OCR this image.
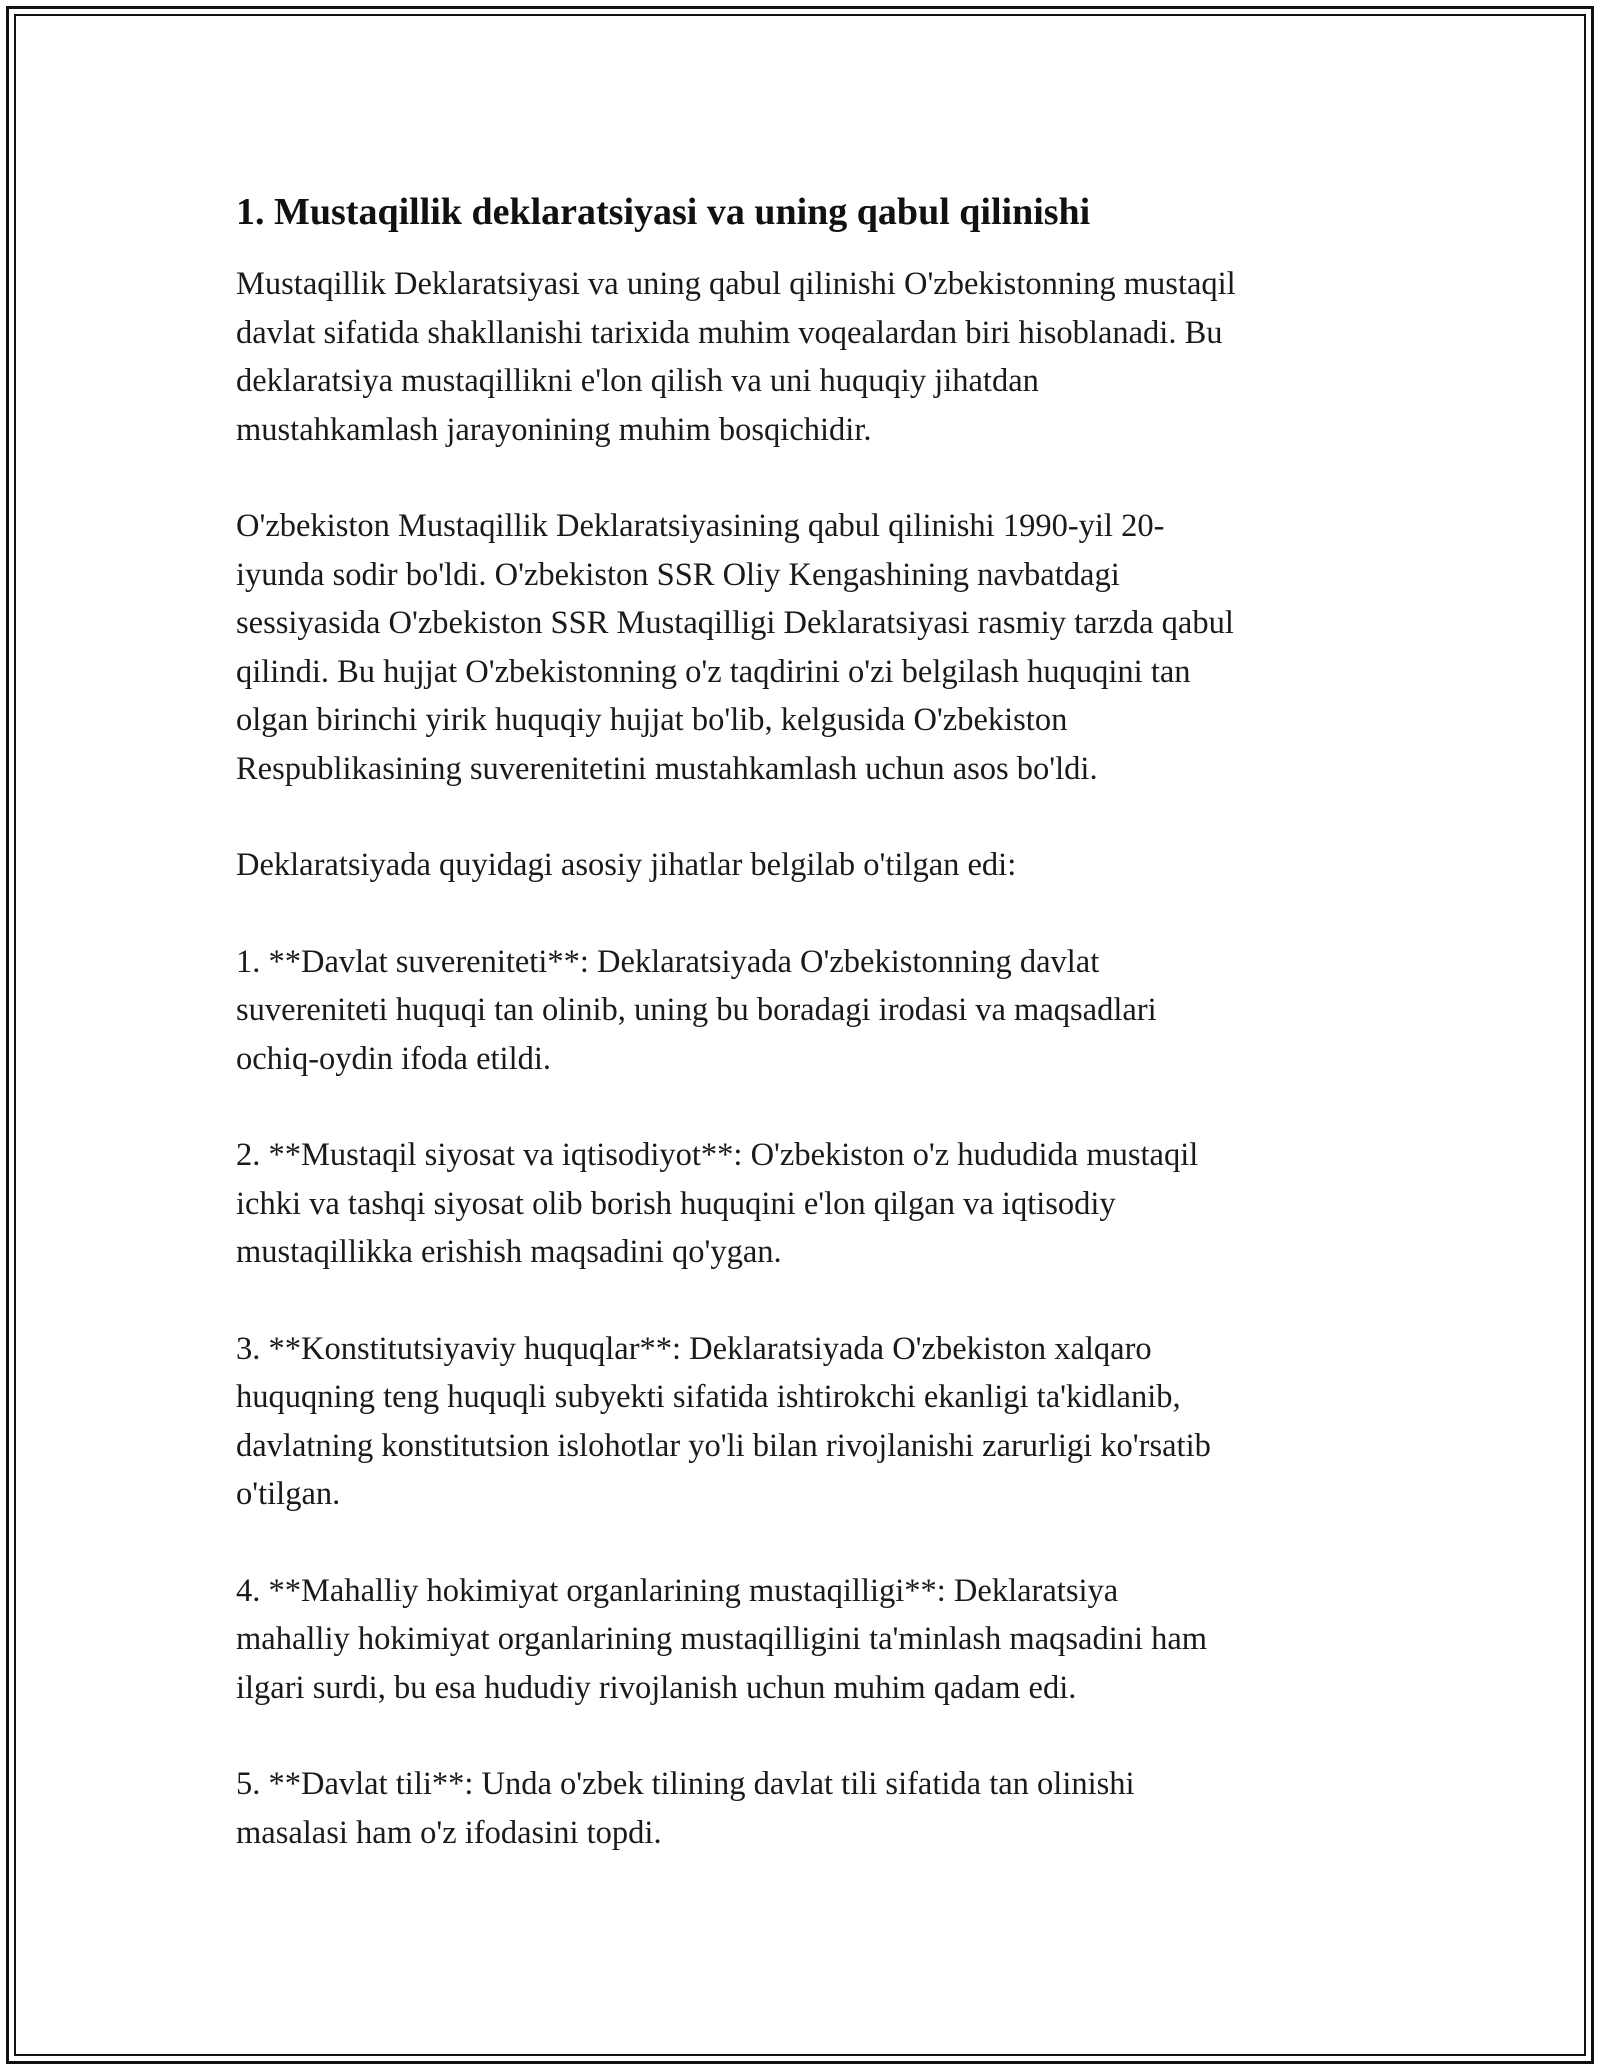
1. Mustaqillik deklaratsiyasi va uning qabul qilinishi

Mustaqillik Deklaratsiyasi va uning qabul qilinishi O'zbekistonning mustaqil
davlat sifatida shakllanishi tarixida muhim voqealardan biri hisoblanadi. Bu
deklaratsiya mustaqillikni e'lon qilish va uni huquqiy jihatdan
mustahkamlash jarayonining muhim bosqichidir.

O'zbekiston Mustaqillik Deklaratsiyasining qabul qilinishi 1990-yil 20-
iyunda sodir bo'ldi. O'zbekiston SSR Oliy Kengashining navbatdagi
sessiyasida O'zbekiston SSR Mustaqilligi Deklaratsiyasi rasmiy tarzda qabul
qilindi. Bu hujjat O'zbekistonning o'z taqdirini o'zi belgilash huquqini tan
olgan birinchi yirik huquqiy hujjat bo'lib, kelgusida O'zbekiston
Respublikasining suverenitetini mustahkamlash uchun asos bo'ldi.

Deklaratsiyada quyidagi asosiy jihatlar belgilab o'tilgan edi:

1. **Davlat suvereniteti**: Deklaratsiyada O'zbekistonning davlat
suvereniteti huquqi tan olinib, uning bu boradagi irodasi va maqsadlari
ochiq-oydin ifoda etildi.

2. **Mustaqil siyosat va iqtisodiyot**: O'zbekiston o'z hududida mustaqil
ichki va tashqi siyosat olib borish huquqini e'lon qilgan va iqtisodiy
mustaqillikka erishish maqsadini qo'ygan.

3. **Konstitutsiyaviy huquqlar**: Deklaratsiyada O'zbekiston xalqaro
huquqning teng huquqli subyekti sifatida ishtirokchi ekanligi ta'kidlanib,
davlatning konstitutsion islohotlar yo'li bilan rivojlanishi zarurligi ko'rsatib
o'tilgan.

4. **Mahalliy hokimiyat organlarining mustaqilligi**: Deklaratsiya
mahalliy hokimiyat organlarining mustaqilligini ta'minlash maqsadini ham
ilgari surdi, bu esa hududiy rivojlanish uchun muhim qadam edi.

5. **Davlat tili**: Unda o'zbek tilining davlat tili sifatida tan olinishi
masalasi ham o'z ifodasini topdi.
